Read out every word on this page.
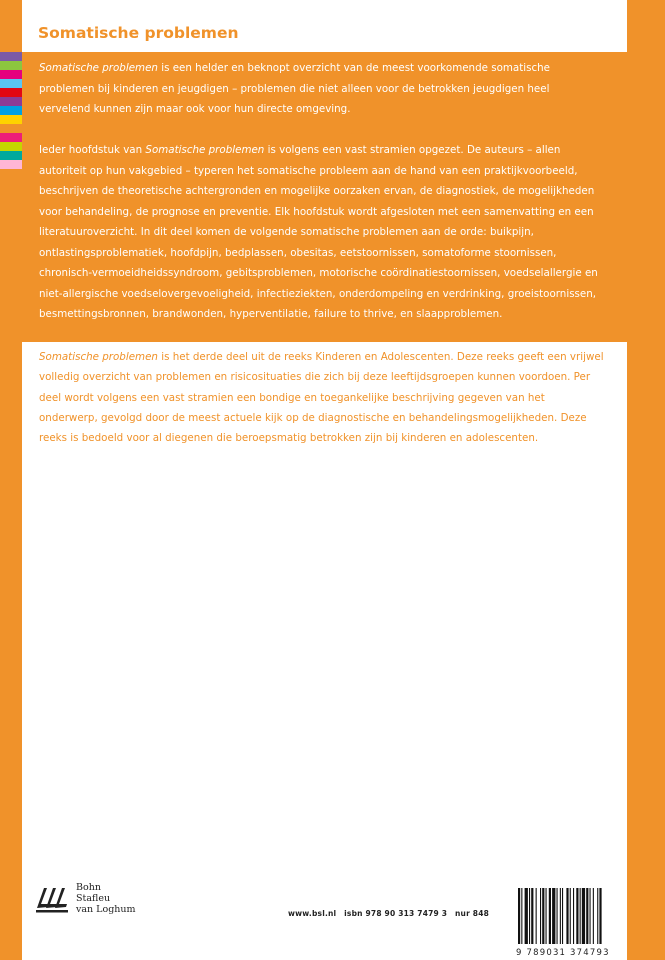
Somatische problemen

Somatische problemen is een helder en beknopt overzicht van de meest voorkomende somatische problemen bij kinderen en jeugdigen – problemen die niet alleen voor de betrokken jeugdigen heel vervelend kunnen zijn maar ook voor hun directe omgeving.

Ieder hoofdstuk van Somatische problemen is volgens een vast stramien opgezet. De auteurs – allen autoriteit op hun vakgebied – typeren het somatische probleem aan de hand van een praktijkvoorbeeld, beschrijven de theoretische achtergronden en mogelijke oorzaken ervan, de diagnostiek, de mogelijkheden voor behandeling, de prognose en preventie. Elk hoofdstuk wordt afgesloten met een samenvatting en een literatuuroverzicht. In dit deel komen de volgende somatische problemen aan de orde: buikpijn, ontlastingsproblematiek, hoofdpijn, bedplassen, obesitas, eetstoornissen, somatoforme stoornissen, chronisch-vermoeidheidssyndroom, gebitsproblemen, motorische coördinatiestoornissen, voedselallergie en niet-allergische voedselovergevoeligheid, infectieziekten, onderdompeling en verdrinking, groeistoornissen, besmettingsbronnen, brandwonden, hyperventilatie, failure to thrive, en slaapproblemen.

Somatische problemen is het derde deel uit de reeks Kinderen en Adolescenten. Deze reeks geeft een vrijwel volledig overzicht van problemen en risicosituaties die zich bij deze leeftijdsgroepen kunnen voordoen. Per deel wordt volgens een vast stramien een bondige en toegankelijke beschrijving gegeven van het onderwerp, gevolgd door de meest actuele kijk op de diagnostische en behandelingsmogelijkheden. Deze reeks is bedoeld voor al diegenen die beroepsmatig betrokken zijn bij kinderen en adolescenten.

Bohn
Stafleu
van Loghum	www.bsl.nl isbn 978 90 313 7479 3 nur 848
9 789031 374793
